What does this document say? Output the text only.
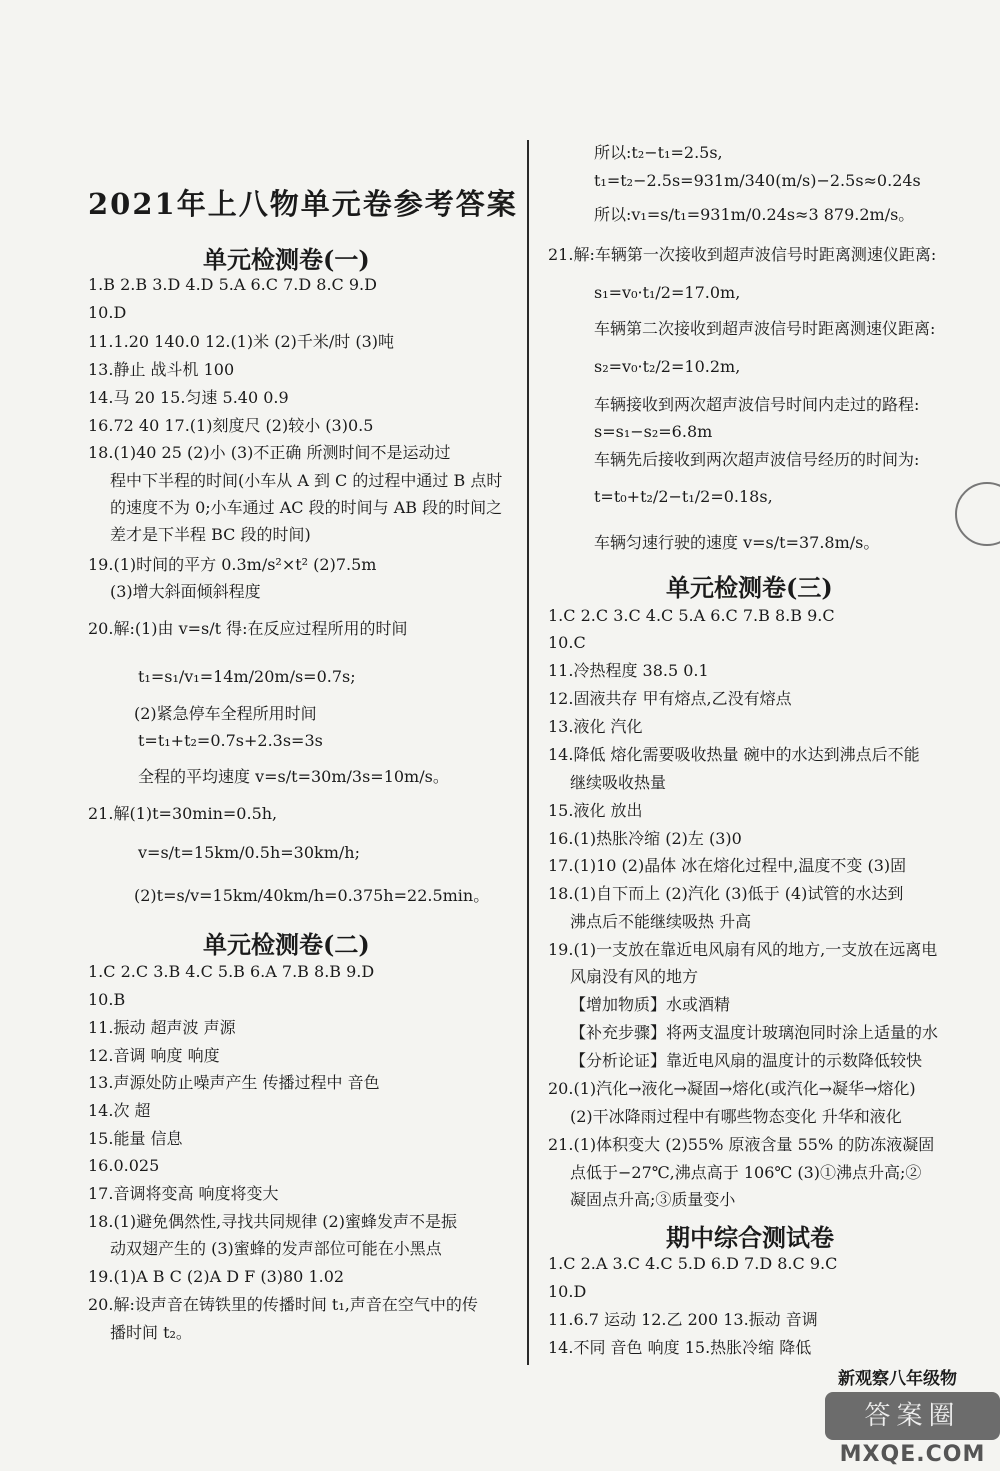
2021年上八物单元卷参考答案
单元检测卷(一)
1.B 2.B 3.D 4.D 5.A 6.C 7.D 8.C 9.D
10.D
11.1.20 140.0 12.(1)米 (2)千米/时 (3)吨
13.静止 战斗机 100
14.马 20 15.匀速 5.40 0.9
16.72 40 17.(1)刻度尺 (2)较小 (3)0.5
18.(1)40 25 (2)小 (3)不正确 所测时间不是运动过
程中下半程的时间(小车从 A 到 C 的过程中通过 B 点时
的速度不为 0;小车通过 AC 段的时间与 AB 段的时间之
差才是下半程 BC 段的时间)
19.(1)时间的平方 0.3m/s²×t² (2)7.5m
(3)增大斜面倾斜程度
20.解:(1)由 v=s/t 得:在反应过程所用的时间
t₁=s₁/v₁=14m/20m/s=0.7s;
(2)紧急停车全程所用时间
t=t₁+t₂=0.7s+2.3s=3s
全程的平均速度 v=s/t=30m/3s=10m/s。
21.解(1)t=30min=0.5h,
v=s/t=15km/0.5h=30km/h;
(2)t=s/v=15km/40km/h=0.375h=22.5min。
单元检测卷(二)
1.C 2.C 3.B 4.C 5.B 6.A 7.B 8.B 9.D
10.B
11.振动 超声波 声源
12.音调 响度 响度
13.声源处防止噪声产生 传播过程中 音色
14.次 超
15.能量 信息
16.0.025
17.音调将变高 响度将变大
18.(1)避免偶然性,寻找共同规律 (2)蜜蜂发声不是振
动双翅产生的 (3)蜜蜂的发声部位可能在小黑点
19.(1)A B C (2)A D F (3)80 1.02
20.解:设声音在铸铁里的传播时间 t₁,声音在空气中的传
播时间 t₂。
所以:t₂−t₁=2.5s,
t₁=t₂−2.5s=931m/340(m/s)−2.5s≈0.24s
所以:v₁=s/t₁=931m/0.24s≈3 879.2m/s。
21.解:车辆第一次接收到超声波信号时距离测速仪距离:
s₁=v₀·t₁/2=17.0m,
车辆第二次接收到超声波信号时距离测速仪距离:
s₂=v₀·t₂/2=10.2m,
车辆接收到两次超声波信号时间内走过的路程:
s=s₁−s₂=6.8m
车辆先后接收到两次超声波信号经历的时间为:
t=t₀+t₂/2−t₁/2=0.18s,
车辆匀速行驶的速度 v=s/t=37.8m/s。
单元检测卷(三)
1.C 2.C 3.C 4.C 5.A 6.C 7.B 8.B 9.C
10.C
11.冷热程度 38.5 0.1
12.固液共存 甲有熔点,乙没有熔点
13.液化 汽化
14.降低 熔化需要吸收热量 碗中的水达到沸点后不能
继续吸收热量
15.液化 放出
16.(1)热胀冷缩 (2)左 (3)0
17.(1)10 (2)晶体 冰在熔化过程中,温度不变 (3)固
18.(1)自下而上 (2)汽化 (3)低于 (4)试管的水达到
沸点后不能继续吸热 升高
19.(1)一支放在靠近电风扇有风的地方,一支放在远离电
风扇没有风的地方
【增加物质】水或酒精
【补充步骤】将两支温度计玻璃泡同时涂上适量的水
【分析论证】靠近电风扇的温度计的示数降低较快
20.(1)汽化→液化→凝固→熔化(或汽化→凝华→熔化)
(2)干冰降雨过程中有哪些物态变化 升华和液化
21.(1)体积变大 (2)55% 原液含量 55% 的防冻液凝固
点低于−27℃,沸点高于 106℃ (3)①沸点升高;②
凝固点升高;③质量变小
期中综合测试卷
1.C 2.A 3.C 4.C 5.D 6.D 7.D 8.C 9.C
10.D
11.6.7 运动 12.乙 200 13.振动 音调
14.不同 音色 响度 15.热胀冷缩 降低
新观察八年级物
答案圈
MXQE.COM
